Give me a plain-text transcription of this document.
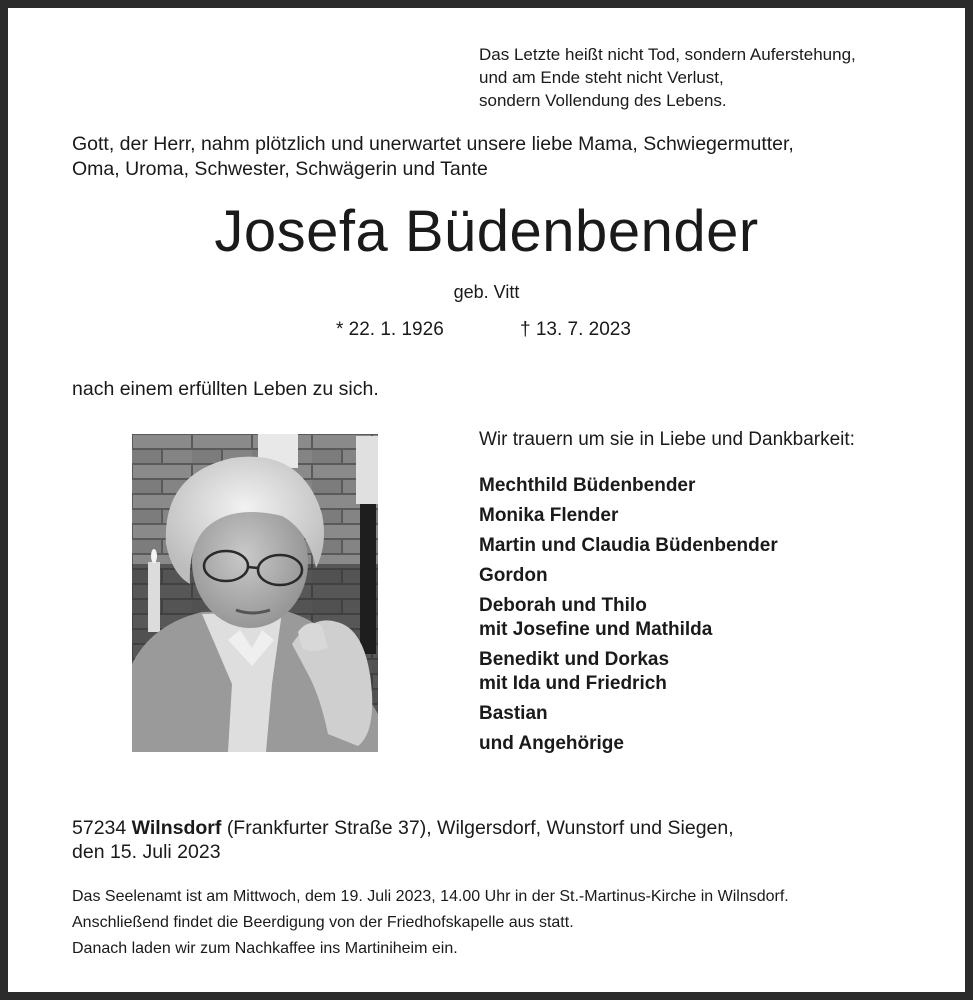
Das Letzte heißt nicht Tod, sondern Auferstehung,
und am Ende steht nicht Verlust,
sondern Vollendung des Lebens.
Gott, der Herr, nahm plötzlich und unerwartet unsere liebe Mama, Schwiegermutter,
Oma, Uroma, Schwester, Schwägerin und Tante
Josefa Büdenbender
geb. Vitt
* 22. 1. 1926	† 13. 7. 2023
nach einem erfüllten Leben zu sich.
Wir trauern um sie in Liebe und Dankbarkeit:
Mechthild Büdenbender
Monika Flender
Martin und Claudia Büdenbender
Gordon
Deborah und Thilo
mit Josefine und Mathilda
Benedikt und Dorkas
mit Ida und Friedrich
Bastian
und Angehörige
57234 Wilnsdorf (Frankfurter Straße 37), Wilgersdorf, Wunstorf und Siegen,
den 15. Juli 2023
Das Seelenamt ist am Mittwoch, dem 19. Juli 2023, 14.00 Uhr in der St.-Martinus-Kirche in Wilnsdorf.
Anschließend findet die Beerdigung von der Friedhofskapelle aus statt.
Danach laden wir zum Nachkaffee ins Martiniheim ein.
